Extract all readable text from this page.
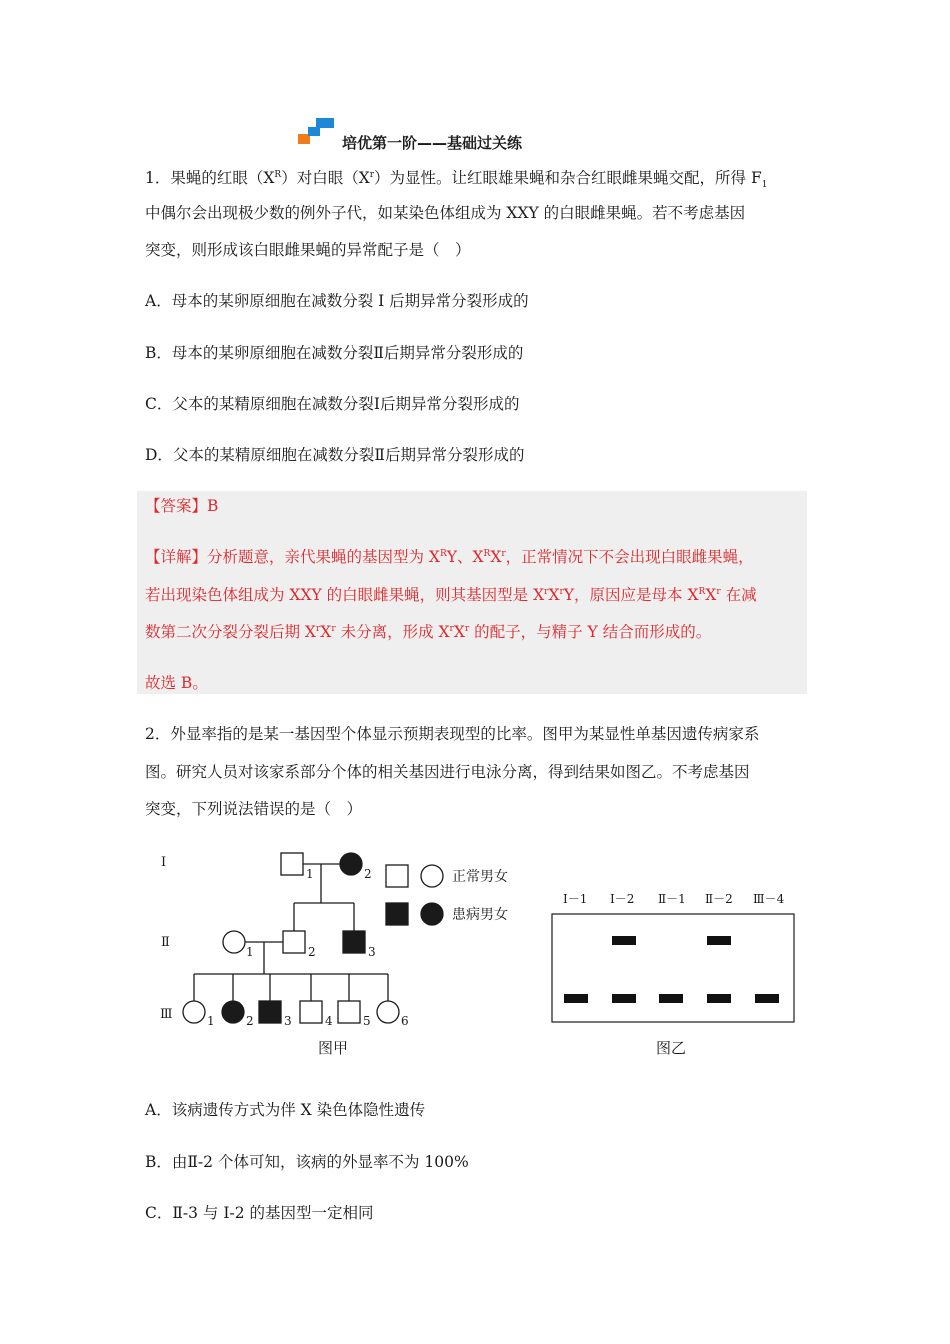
培优第一阶——基础过关练
1．果蝇的红眼$(X^R)$对白眼$(X^r)$为显性。让红眼雄果蝇和杂合红眼雌果蝇交配，所得 $F_1$
中偶尔会出现极少数的例外子代，如某染色体组成为 XXY 的白眼雌果蝇。若不考虑基因
突变，则形成该白眼雌果蝇的异常配子是（　）
A．母本的某卵原细胞在减数分裂 I 后期异常分裂形成的
B．母本的某卵原细胞在减数分裂Ⅱ后期异常分裂形成的
C．父本的某精原细胞在减数分裂Ⅰ后期异常分裂形成的
D．父本的某精原细胞在减数分裂Ⅱ后期异常分裂形成的
【答案】B
【详解】分析题意，亲代果蝇的基因型为 $X^RY$、$X^RX^r$，正常情况下不会出现白眼雌果蝇，
若出现染色体组成为 XXY 的白眼雌果蝇，则其基因型是 $X^rX^rY$，原因应是母本 $X^RX^r$ 在减
数第二次分裂分裂后期 $X^rX^r$ 未分离，形成 $X^rX^r$ 的配子，与精子 Y 结合而形成的。
故选 B。
2．外显率指的是某一基因型个体显示预期表现型的比率。图甲为某显性单基因遗传病家系
图。研究人员对该家系部分个体的相关基因进行电泳分离，得到结果如图乙。不考虑基因
突变，下列说法错误的是（　）
Ⅰ
Ⅱ
Ⅲ
1	2
1	2	3
1	2	3	4	5	6
正常男女
患病男女
图甲
Ⅰ－1 Ⅰ－2 Ⅱ－1 Ⅱ－2 Ⅲ－4
图乙
A．该病遗传方式为伴 X 染色体隐性遗传
B．由Ⅱ-2 个体可知，该病的外显率不为 100%
C．Ⅱ-3 与 I-2 的基因型一定相同
